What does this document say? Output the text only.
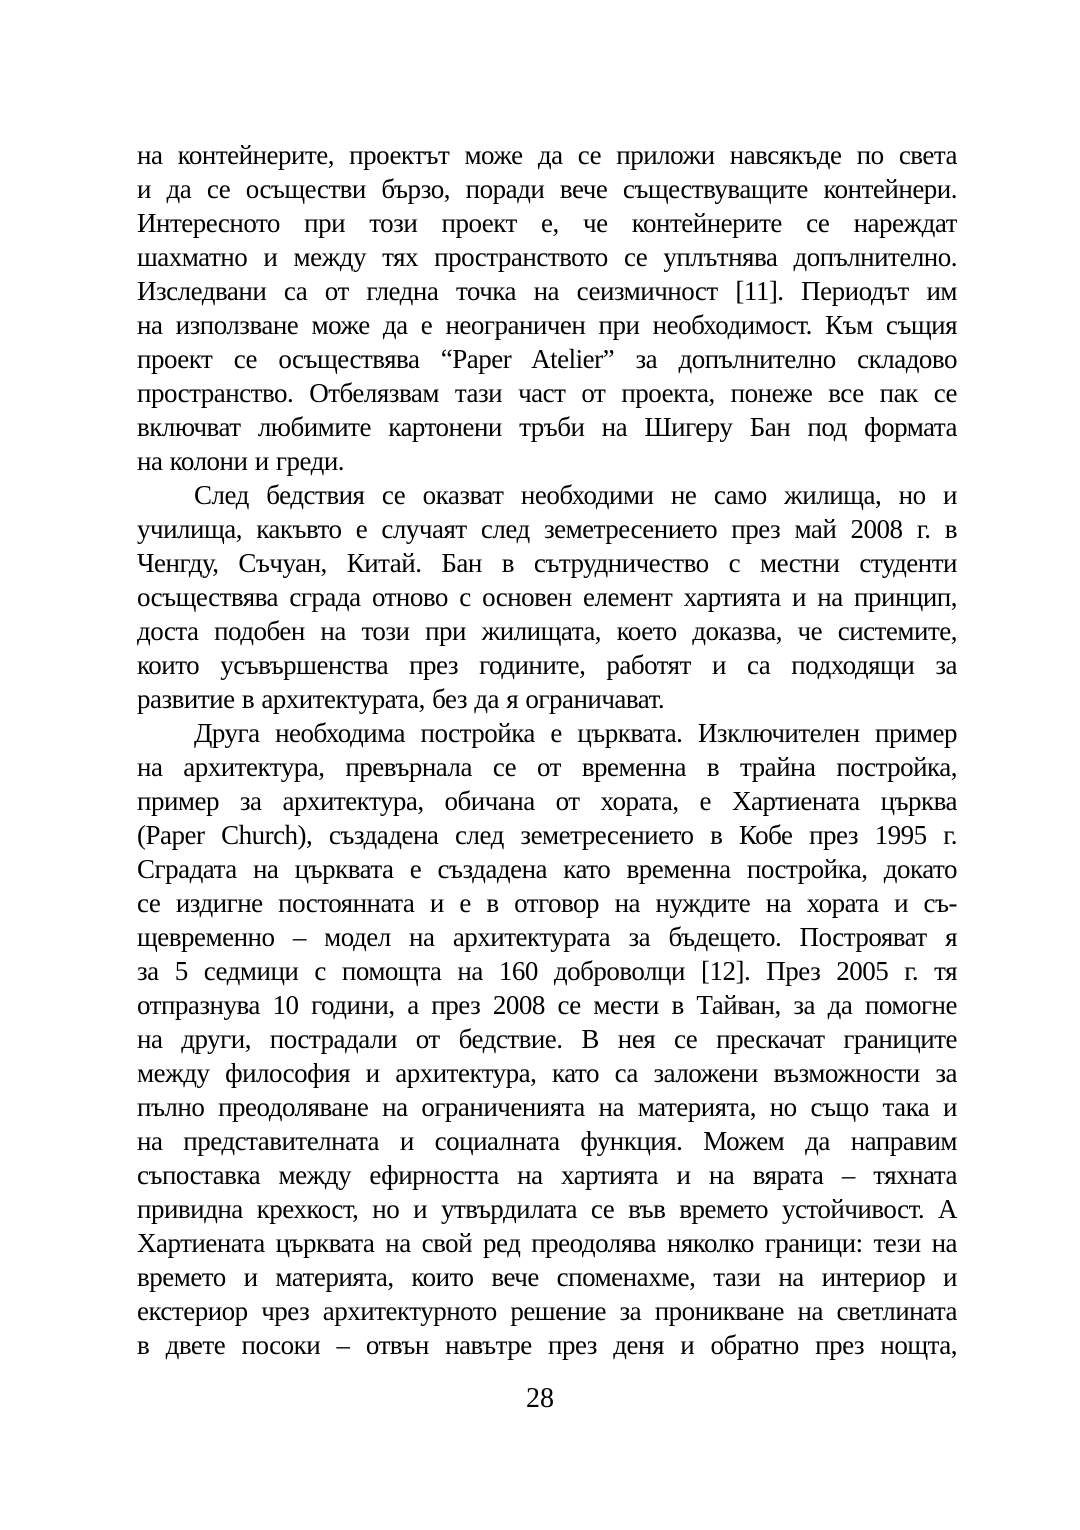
на контейнерите, проектът може да се приложи навсякъде по света
и да се осъществи бързо, поради вече съществуващите контейнери.
Интересното при този проект е, че контейнерите се нареждат
шахматно и между тях пространството се уплътнява допълнително.
Изследвани са от гледна точка на сеизмичност [11]. Периодът им
на използване може да е неограничен при необходимост. Към същия
проект се осъществява “Paper Atelier” за допълнително складово
пространство. Отбелязвам тази част от проекта, понеже все пак се
включват любимите картонени тръби на Шигеру Бан под формата
на колони и греди.
След бедствия се оказват необходими не само жилища, но и
училища, какъвто е случаят след земетресението през май 2008 г. в
Ченгду, Съчуан, Китай. Бан в сътрудничество с местни студенти
осъществява сграда отново с основен елемент хартията и на принцип,
доста подобен на този при жилищата, което доказва, че системите,
които усъвършенства през годините, работят и са подходящи за
развитие в архитектурата, без да я ограничават.
Друга необходима постройка е църквата. Изключителен пример
на архитектура, превърнала се от временна в трайна постройка,
пример за архитектура, обичана от хората, е Хартиената църква
(Paper Church), създадена след земетресението в Кобе през 1995 г.
Сградата на църквата е създадена като временна постройка, докато
се издигне постоянната и е в отговор на нуждите на хората и съ-
щевременно – модел на архитектурата за бъдещето. Построяват я
за 5 седмици с помощта на 160 доброволци [12]. През 2005 г. тя
отпразнува 10 години, а през 2008 се мести в Тайван, за да помогне
на други, пострадали от бедствие. В нея се прескачат границите
между философия и архитектура, като са заложени възможности за
пълно преодоляване на ограниченията на материята, но също така и
на представителната и социалната функция. Можем да направим
съпоставка между ефирността на хартията и на вярата – тяхната
привидна крехкост, но и утвърдилата се във времето устойчивост. А
Хартиената църквата на свой ред преодолява няколко граници: тези на
времето и материята, които вече споменахме, тази на интериор и
екстериор чрез архитектурното решение за проникване на светлината
в двете посоки – отвън навътре през деня и обратно през нощта,
28
